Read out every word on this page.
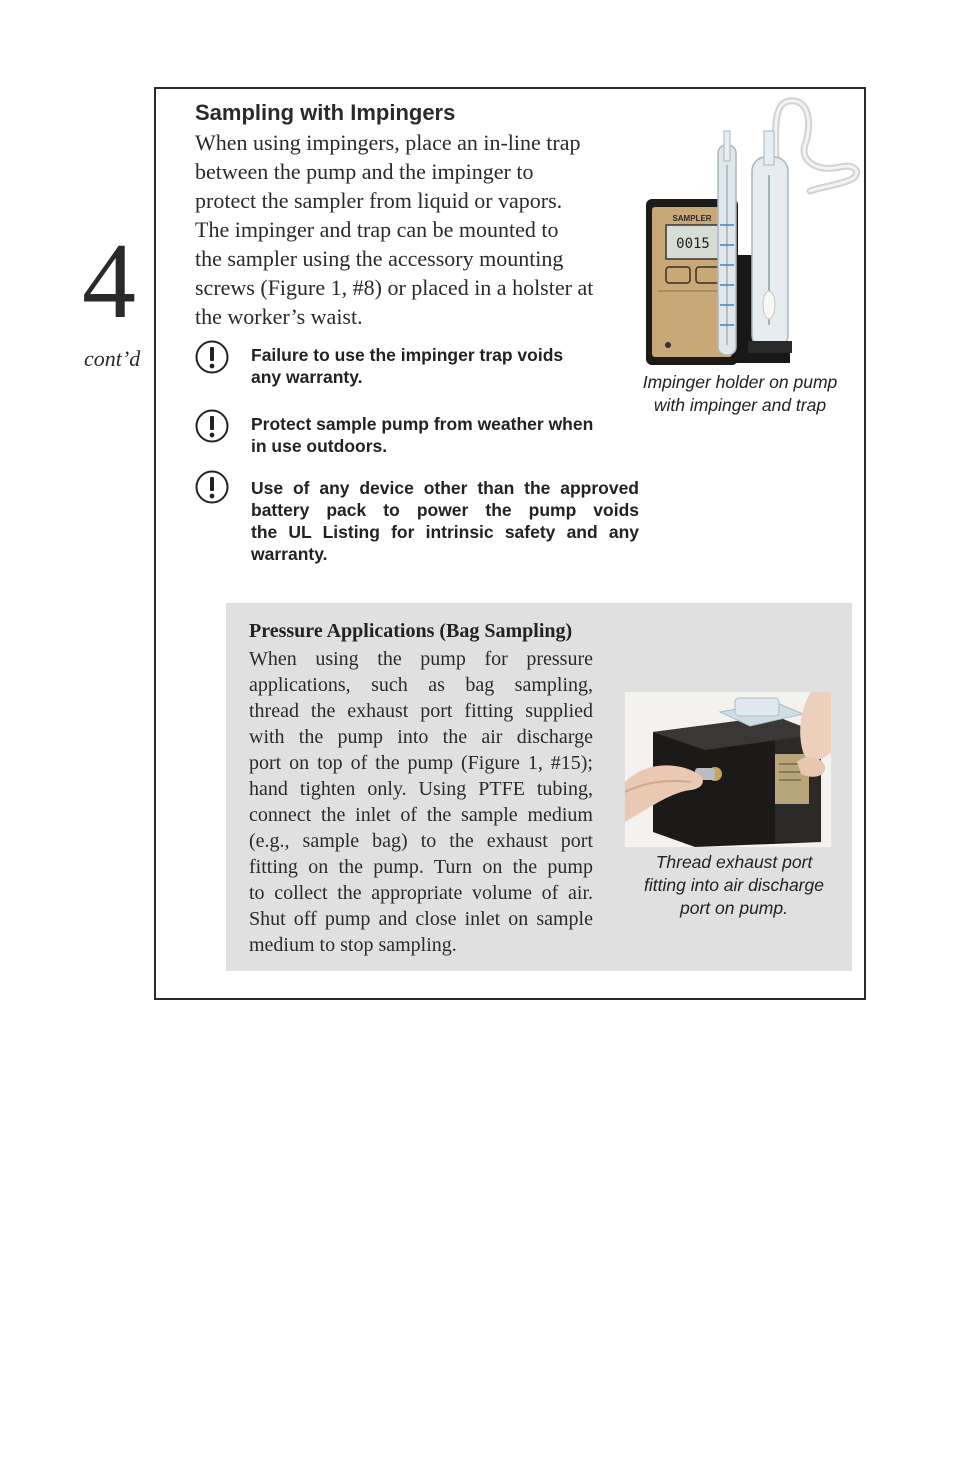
4
cont’d
Sampling with Impingers
When using impingers, place an in-line trap
between the pump and the impinger to
protect the sampler from liquid or vapors.
The impinger and trap can be mounted to
the sampler using the accessory mounting
screws (Figure 1, #8) or placed in a holster at
the worker’s waist.
Failure to use the impinger trap voids
any warranty.
Protect sample pump from weather when
in use outdoors.
Use of any device other than the approved
battery pack to power the pump voids
the UL Listing for intrinsic safety and any
warranty.
SAMPLER
0015
Impinger holder on pump
with impinger and trap
Pressure Applications (Bag Sampling)
When using the pump for pressure
applications, such as bag sampling,
thread the exhaust port fitting supplied
with the pump into the air discharge
port on top of the pump (Figure 1, #15);
hand tighten only. Using PTFE tubing,
connect the inlet of the sample medium
(e.g., sample bag) to the exhaust port
fitting on the pump. Turn on the pump
to collect the appropriate volume of air.
Shut off pump and close inlet on sample
medium to stop sampling.
Thread exhaust port
fitting into air discharge
port on pump.
